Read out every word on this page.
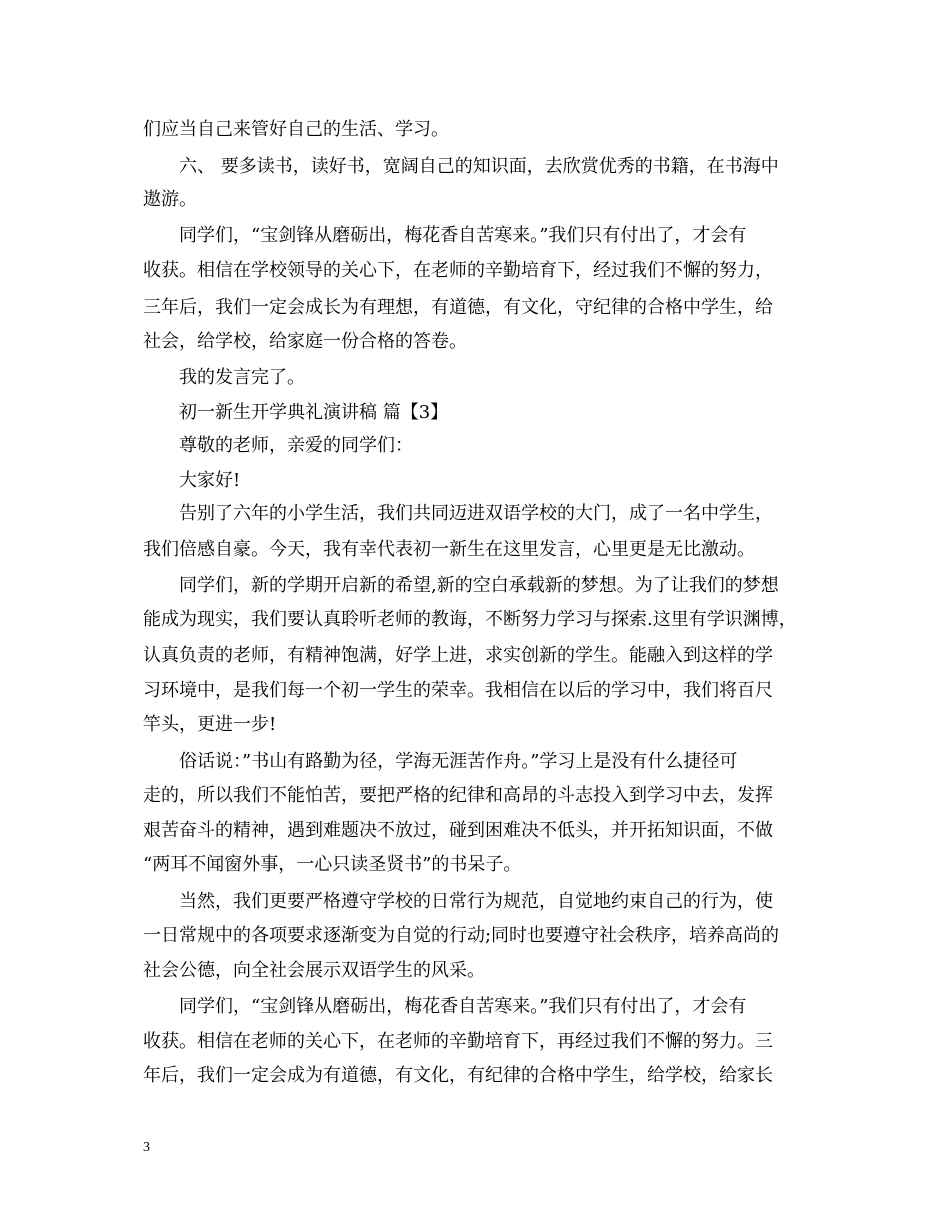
们应当自己来管好自己的生活、学习。
六、 要多读书，读好书，宽阔自己的知识面，去欣赏优秀的书籍，在书海中
遨游。
同学们，“宝剑锋从磨砺出，梅花香自苦寒来。”我们只有付出了，才会有
收获。相信在学校领导的关心下，在老师的辛勤培育下，经过我们不懈的努力，
三年后，我们一定会成长为有理想，有道德，有文化，守纪律的合格中学生，给
社会，给学校，给家庭一份合格的答卷。
我的发言完了。
初一新生开学典礼演讲稿 篇【3】
尊敬的老师，亲爱的同学们：
大家好!
告别了六年的小学生活，我们共同迈进双语学校的大门，成了一名中学生，
我们倍感自豪。今天，我有幸代表初一新生在这里发言，心里更是无比激动。
同学们，新的学期开启新的希望,新的空白承载新的梦想。为了让我们的梦想
能成为现实，我们要认真聆听老师的教诲，不断努力学习与探索.这里有学识渊博，
认真负责的老师，有精神饱满，好学上进，求实创新的学生。能融入到这样的学
习环境中，是我们每一个初一学生的荣幸。我相信在以后的学习中，我们将百尺
竿头，更进一步!
俗话说：”书山有路勤为径，学海无涯苦作舟。”学习上是没有什么捷径可
走的，所以我们不能怕苦，要把严格的纪律和高昂的斗志投入到学习中去，发挥
艰苦奋斗的精神，遇到难题决不放过，碰到困难决不低头，并开拓知识面，不做
“两耳不闻窗外事，一心只读圣贤书”的书呆子。
当然，我们更要严格遵守学校的日常行为规范，自觉地约束自己的行为，使
一日常规中的各项要求逐渐变为自觉的行动;同时也要遵守社会秩序，培养高尚的
社会公德，向全社会展示双语学生的风采。
同学们，“宝剑锋从磨砺出，梅花香自苦寒来。”我们只有付出了，才会有
收获。相信在老师的关心下，在老师的辛勤培育下，再经过我们不懈的努力。三
年后，我们一定会成为有道德，有文化，有纪律的合格中学生，给学校，给家长
3
